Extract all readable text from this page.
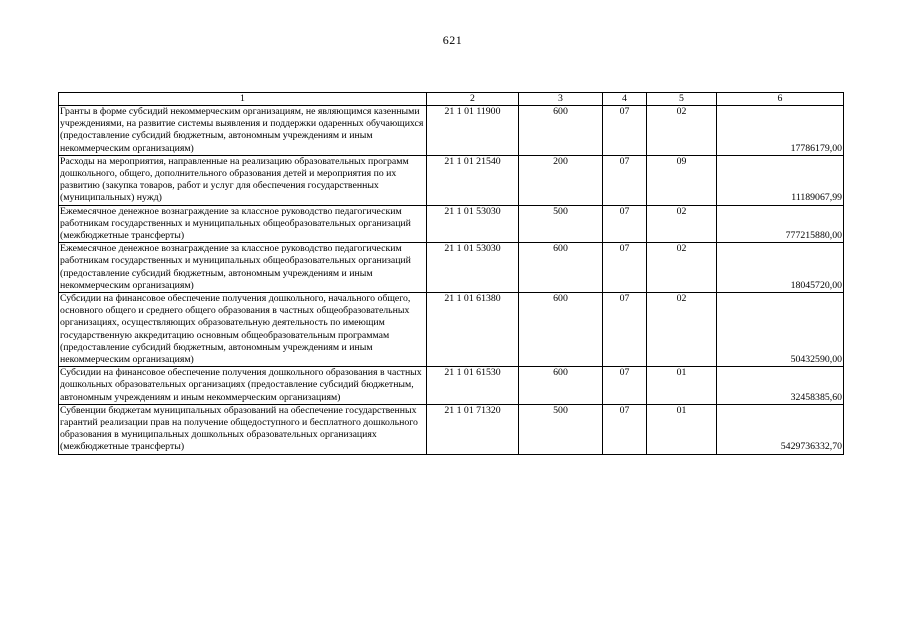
621
1	2	3	4	5	6
Гранты в форме субсидий некоммерческим организациям, не являющимся казенными учреждениями, на развитие системы выявления и поддержки одаренных обучающихся (предоставление субсидий бюджетным, автономным учреждениям и иным некоммерческим организациям)	21 1 01 11900	600	07	02	17786179,00
Расходы на мероприятия, направленные на реализацию образовательных программ дошкольного, общего, дополнительного образования детей и мероприятия по их развитию (закупка товаров, работ и услуг для обеспечения государственных (муниципальных) нужд)	21 1 01 21540	200	07	09	11189067,99
Ежемесячное денежное вознаграждение за классное руководство педагогическим работникам государственных и муниципальных общеобразовательных организаций (межбюджетные трансферты)	21 1 01 53030	500	07	02	777215880,00
Ежемесячное денежное вознаграждение за классное руководство педагогическим работникам государственных и муниципальных общеобразовательных организаций (предоставление субсидий бюджетным, автономным учреждениям и иным некоммерческим организациям)	21 1 01 53030	600	07	02	18045720,00
Субсидии на финансовое обеспечение получения дошкольного, начального общего, основного общего и среднего общего образования в частных общеобразовательных организациях, осуществляющих образовательную деятельность по имеющим государственную аккредитацию основным общеобразовательным программам (предоставление субсидий бюджетным, автономным учреждениям и иным некоммерческим организациям)	21 1 01 61380	600	07	02	50432590,00
Субсидии на финансовое обеспечение получения дошкольного образования в частных дошкольных образовательных организациях (предоставление субсидий бюджетным, автономным учреждениям и иным некоммерческим организациям)	21 1 01 61530	600	07	01	32458385,60
Субвенции бюджетам муниципальных образований на обеспечение государственных гарантий реализации прав на получение общедоступного и бесплатного дошкольного образования в муниципальных дошкольных образовательных организациях (межбюджетные трансферты)	21 1 01 71320	500	07	01	5429736332,70
